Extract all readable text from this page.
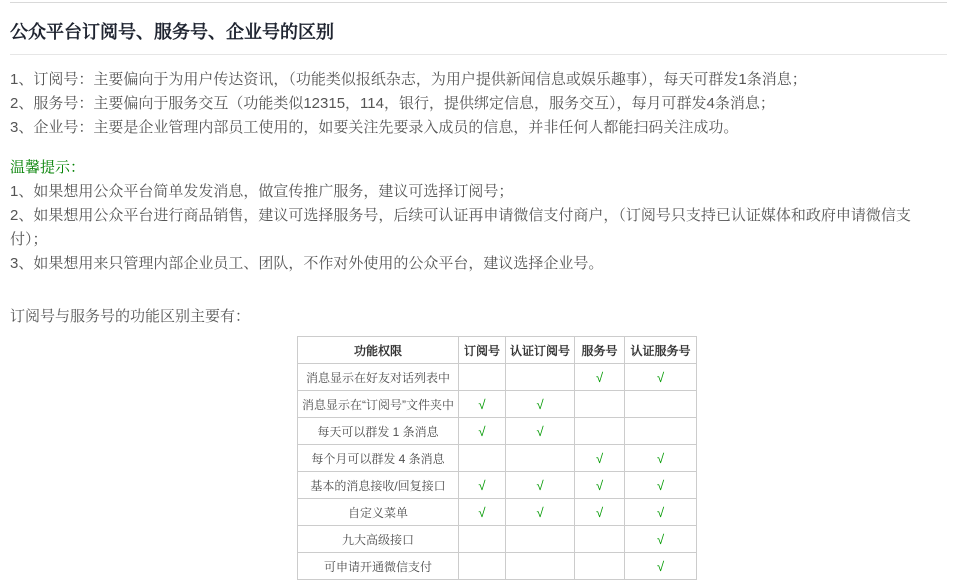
公众平台订阅号、服务号、企业号的区别
1、订阅号：主要偏向于为用户传达资讯，（功能类似报纸杂志，为用户提供新闻信息或娱乐趣事），每天可群发1条消息；
2、服务号：主要偏向于服务交互（功能类似12315，114，银行，提供绑定信息，服务交互），每月可群发4条消息；
3、企业号：主要是企业管理内部员工使用的，如要关注先要录入成员的信息，并非任何人都能扫码关注成功。
温馨提示：
1、如果想用公众平台简单发发消息，做宣传推广服务，建议可选择订阅号；
2、如果想用公众平台进行商品销售，建议可选择服务号，后续可认证再申请微信支付商户，（订阅号只支持已认证媒体和政府申请微信支付）；
3、如果想用来只管理内部企业员工、团队，不作对外使用的公众平台，建议选择企业号。
订阅号与服务号的功能区别主要有：
功能权限	订阅号	认证订阅号	服务号	认证服务号
消息显示在好友对话列表中			√	√
消息显示在“订阅号”文件夹中	√	√		
每天可以群发 1 条消息	√	√		
每个月可以群发 4 条消息			√	√
基本的消息接收/回复接口	√	√	√	√
自定义菜单	√	√	√	√
九大高级接口				√
可申请开通微信支付				√
